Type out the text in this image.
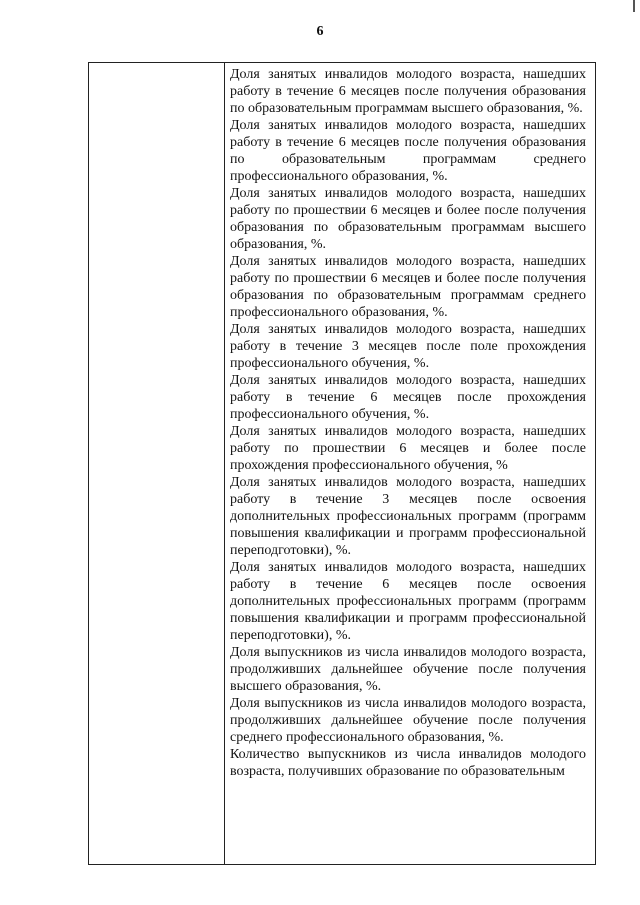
6

Доля занятых инвалидов молодого возраста, нашедших работу в течение 6 месяцев после получения образования по образовательным программам высшего образования, %.

Доля занятых инвалидов молодого возраста, нашедших работу в течение 6 месяцев после получения образования по образовательным программам среднего профессионального образования, %.

Доля занятых инвалидов молодого возраста, нашедших работу по прошествии 6 месяцев и более после получения образования по образовательным программам высшего образования, %.

Доля занятых инвалидов молодого возраста, нашедших работу по прошествии 6 месяцев и более после получения образования по образовательным программам среднего профессионального образования, %.

Доля занятых инвалидов молодого возраста, нашедших работу в течение 3 месяцев после поле прохождения профессионального обучения, %.

Доля занятых инвалидов молодого возраста, нашедших работу в течение 6 месяцев после прохождения профессионального обучения, %.

Доля занятых инвалидов молодого возраста, нашедших работу по прошествии 6 месяцев и более после прохождения профессионального обучения, %

Доля занятых инвалидов молодого возраста, нашедших работу в течение 3 месяцев после освоения дополнительных профессиональных программ (программ повышения квалификации и программ профессиональной переподготовки), %.

Доля занятых инвалидов молодого возраста, нашедших работу в течение 6 месяцев после освоения дополнительных профессиональных программ (программ повышения квалификации и программ профессиональной переподготовки), %.

Доля выпускников из числа инвалидов молодого возраста, продолживших дальнейшее обучение после получения высшего образования, %.

Доля выпускников из числа инвалидов молодого возраста, продолживших дальнейшее обучение после получения среднего профессионального образования, %.

Количество выпускников из числа инвалидов молодого возраста, получивших образование по образовательным
